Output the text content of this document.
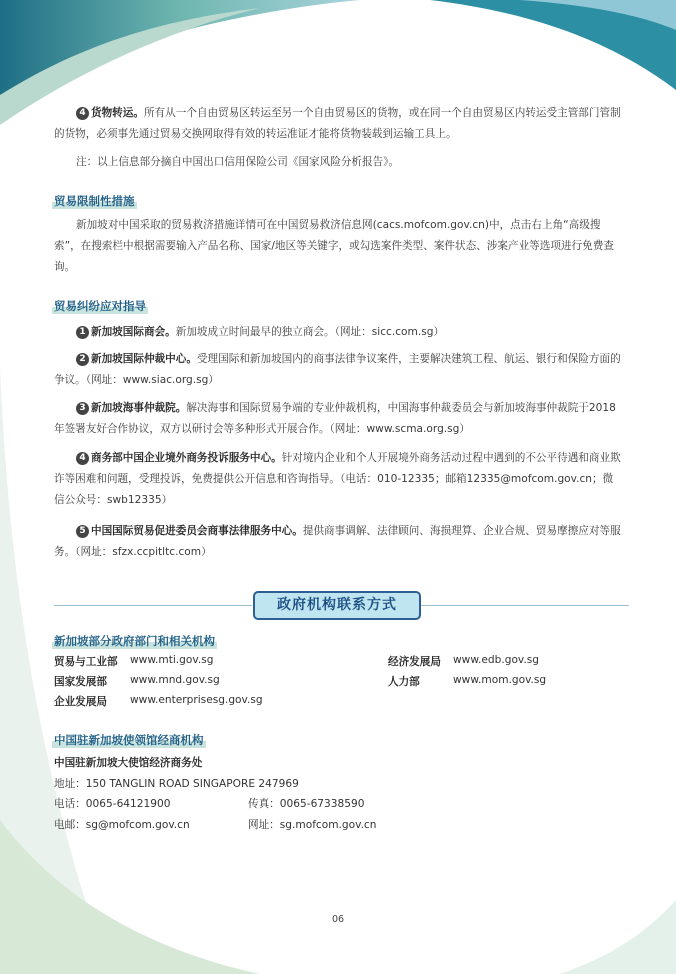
4 货物转运。所有从一个自由贸易区转运至另一个自由贸易区的货物，或在同一个自由贸易区内转运受主管部门管制的货物，必须事先通过贸易交换网取得有效的转运准证才能将货物装载到运输工具上。
注：以上信息部分摘自中国出口信用保险公司《国家风险分析报告》。
贸易限制性措施
新加坡对中国采取的贸易救济措施详情可在中国贸易救济信息网(cacs.mofcom.gov.cn)中，点击右上角“高级搜索”，在搜索栏中根据需要输入产品名称、国家/地区等关键字，或勾选案件类型、案件状态、涉案产业等选项进行免费查询。
贸易纠纷应对指导
1 新加坡国际商会。新加坡成立时间最早的独立商会。（网址：sicc.com.sg）
2 新加坡国际仲裁中心。受理国际和新加坡国内的商事法律争议案件，主要解决建筑工程、航运、银行和保险方面的争议。（网址：www.siac.org.sg）
3 新加坡海事仲裁院。解决海事和国际贸易争端的专业仲裁机构，中国海事仲裁委员会与新加坡海事仲裁院于2018年签署友好合作协议，双方以研讨会等多种形式开展合作。（网址：www.scma.org.sg）
4 商务部中国企业境外商务投诉服务中心。针对境内企业和个人开展境外商务活动过程中遇到的不公平待遇和商业欺诈等困难和问题，受理投诉，免费提供公开信息和咨询指导。（电话：010-12335；邮箱12335@mofcom.gov.cn；微信公众号：swb12335）
5 中国国际贸易促进委员会商事法律服务中心。提供商事调解、法律顾问、海损理算、企业合规、贸易摩擦应对等服务。（网址：sfzx.ccpitltc.com）
政府机构联系方式
新加坡部分政府部门和相关机构
贸易与工业部 www.mti.gov.sg
国家发展部 www.mnd.gov.sg
企业发展局 www.enterprisesg.gov.sg
经济发展局 www.edb.gov.sg
人力部	www.mom.gov.sg
中国驻新加坡使领馆经商机构
中国驻新加坡大使馆经济商务处
地址：150 TANGLIN ROAD SINGAPORE 247969
电话：0065-64121900	传真：0065-67338590
电邮：sg@mofcom.gov.cn	网址：sg.mofcom.gov.cn
06
